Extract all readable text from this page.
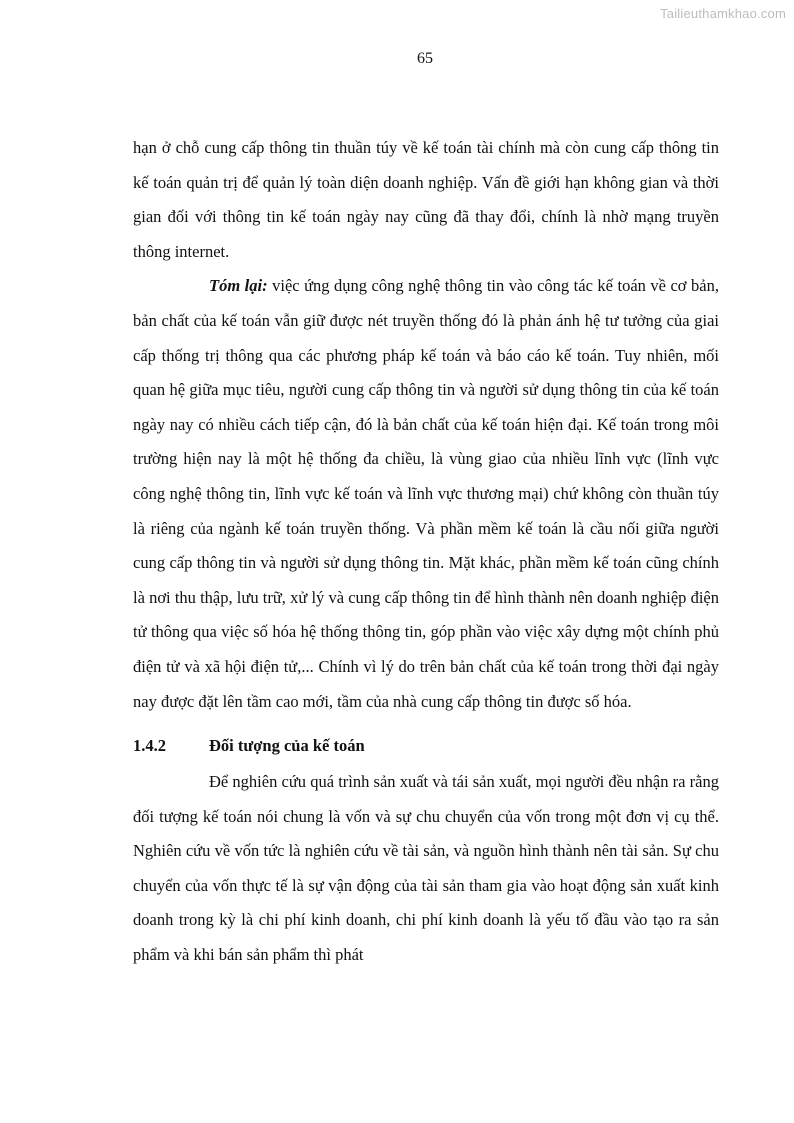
Tailieuthamkhao.com
65

hạn ở chỗ cung cấp thông tin thuần túy về kế toán tài chính mà còn cung cấp thông tin kế toán quản trị để quản lý toàn diện doanh nghiệp. Vấn đề giới hạn không gian và thời gian đối với thông tin kế toán ngày nay cũng đã thay đổi, chính là nhờ mạng truyền thông internet.

Tóm lại: việc ứng dụng công nghệ thông tin vào công tác kế toán về cơ bản, bản chất của kế toán vẫn giữ được nét truyền thống đó là phản ánh hệ tư tưởng của giai cấp thống trị thông qua các phương pháp kế toán và báo cáo kế toán. Tuy nhiên, mối quan hệ giữa mục tiêu, người cung cấp thông tin và người sử dụng thông tin của kế toán ngày nay có nhiều cách tiếp cận, đó là bản chất của kế toán hiện đại. Kế toán trong môi trường hiện nay là một hệ thống đa chiều, là vùng giao của nhiều lĩnh vực (lĩnh vực công nghệ thông tin, lĩnh vực kế toán và lĩnh vực thương mại) chứ không còn thuần túy là riêng của ngành kế toán truyền thống. Và phần mềm kế toán là cầu nối giữa người cung cấp thông tin và người sử dụng thông tin. Mặt khác, phần mềm kế toán cũng chính là nơi thu thập, lưu trữ, xử lý và cung cấp thông tin để hình thành nên doanh nghiệp điện tử thông qua việc số hóa hệ thống thông tin, góp phần vào việc xây dựng một chính phủ điện tử và xã hội điện tử,... Chính vì lý do trên bản chất của kế toán trong thời đại ngày nay được đặt lên tầm cao mới, tầm của nhà cung cấp thông tin được số hóa.

1.4.2	Đối tượng của kế toán

Để nghiên cứu quá trình sản xuất và tái sản xuất, mọi người đều nhận ra rằng đối tượng kế toán nói chung là vốn và sự chu chuyển của vốn trong một đơn vị cụ thể. Nghiên cứu về vốn tức là nghiên cứu về tài sản, và nguồn hình thành nên tài sản. Sự chu chuyển của vốn thực tế là sự vận động của tài sản tham gia vào hoạt động sản xuất kinh doanh trong kỳ là chi phí kinh doanh, chi phí kinh doanh là yếu tố đầu vào tạo ra sản phẩm và khi bán sản phẩm thì phát
